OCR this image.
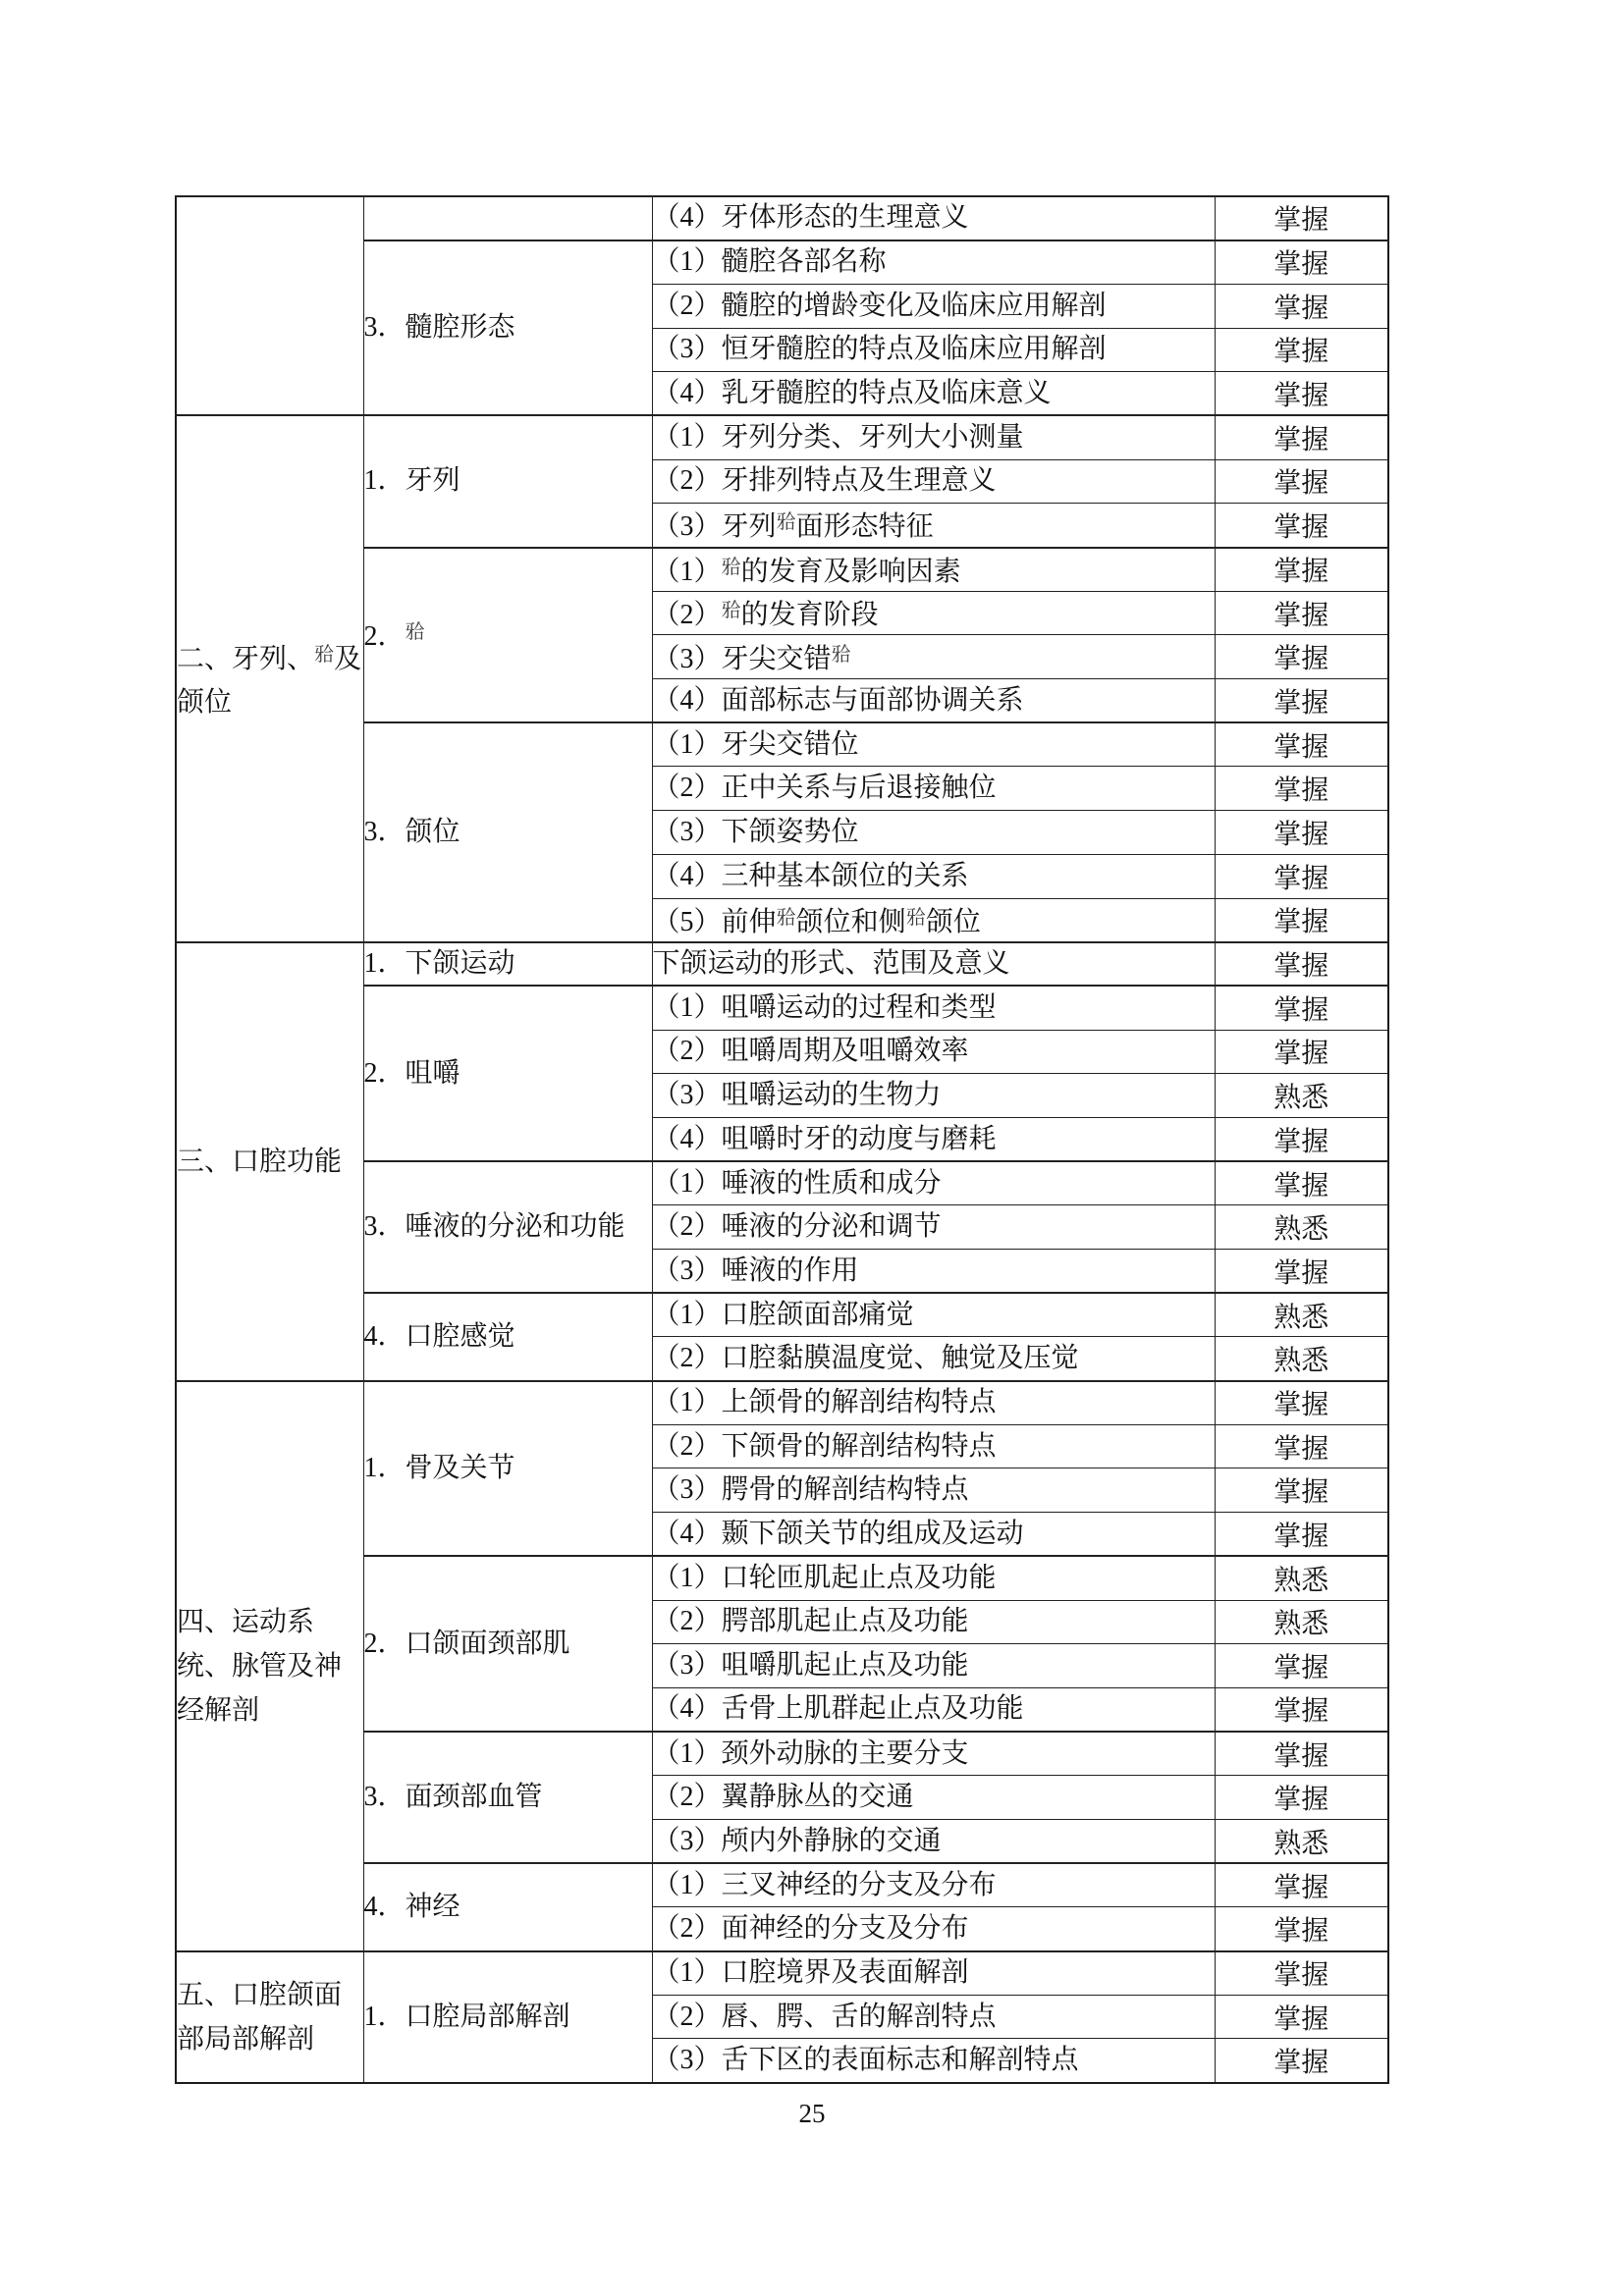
		（4）牙体形态的生理意义	掌握
	3．髓腔形态	（1）髓腔各部名称	掌握
		（2）髓腔的增龄变化及临床应用解剖	掌握
		（3）恒牙髓腔的特点及临床应用解剖	掌握
		（4）乳牙髓腔的特点及临床意义	掌握
二、牙列、$^𬌗$及颌位	1．牙列	（1）牙列分类、牙列大小测量	掌握
		（2）牙排列特点及生理意义	掌握
		（3）牙列$^𬌗$面形态特征	掌握
	2．$^𬌗$	$(1)^𬌗$的发育及影响因素	掌握
		$(2)^𬌗$的发育阶段	掌握
		（3）牙尖交错$^𬌗$	掌握
		（4）面部标志与面部协调关系	掌握
	3．颌位	（1）牙尖交错位	掌握
		（2）正中关系与后退接触位	掌握
		（3）下颌姿势位	掌握
		（4）三种基本颌位的关系	掌握
		（5）前伸$^𬌗$颌位和侧$^𬌗$颌位	掌握
三、口腔功能	1．下颌运动	下颌运动的形式、范围及意义	掌握
	2．咀嚼	（1）咀嚼运动的过程和类型	掌握
		（2）咀嚼周期及咀嚼效率	掌握
		（3）咀嚼运动的生物力	熟悉
		（4）咀嚼时牙的动度与磨耗	掌握
	3．唾液的分泌和功能	（1）唾液的性质和成分	掌握
		（2）唾液的分泌和调节	熟悉
		（3）唾液的作用	掌握
	4．口腔感觉	（1）口腔颌面部痛觉	熟悉
		（2）口腔黏膜温度觉、触觉及压觉	熟悉
四、运动系统、脉管及神经解剖	1．骨及关节	（1）上颌骨的解剖结构特点	掌握
		（2）下颌骨的解剖结构特点	掌握
		（3）腭骨的解剖结构特点	掌握
		（4）颞下颌关节的组成及运动	掌握
	2．口颌面颈部肌	（1）口轮匝肌起止点及功能	熟悉
		（2）腭部肌起止点及功能	熟悉
		（3）咀嚼肌起止点及功能	掌握
		（4）舌骨上肌群起止点及功能	掌握
	3．面颈部血管	（1）颈外动脉的主要分支	掌握
		（2）翼静脉丛的交通	掌握
		（3）颅内外静脉的交通	熟悉
	4．神经	（1）三叉神经的分支及分布	掌握
		（2）面神经的分支及分布	掌握
五、口腔颌面部局部解剖	1．口腔局部解剖	（1）口腔境界及表面解剖	掌握
		（2）唇、腭、舌的解剖特点	掌握
		（3）舌下区的表面标志和解剖特点	掌握
25
